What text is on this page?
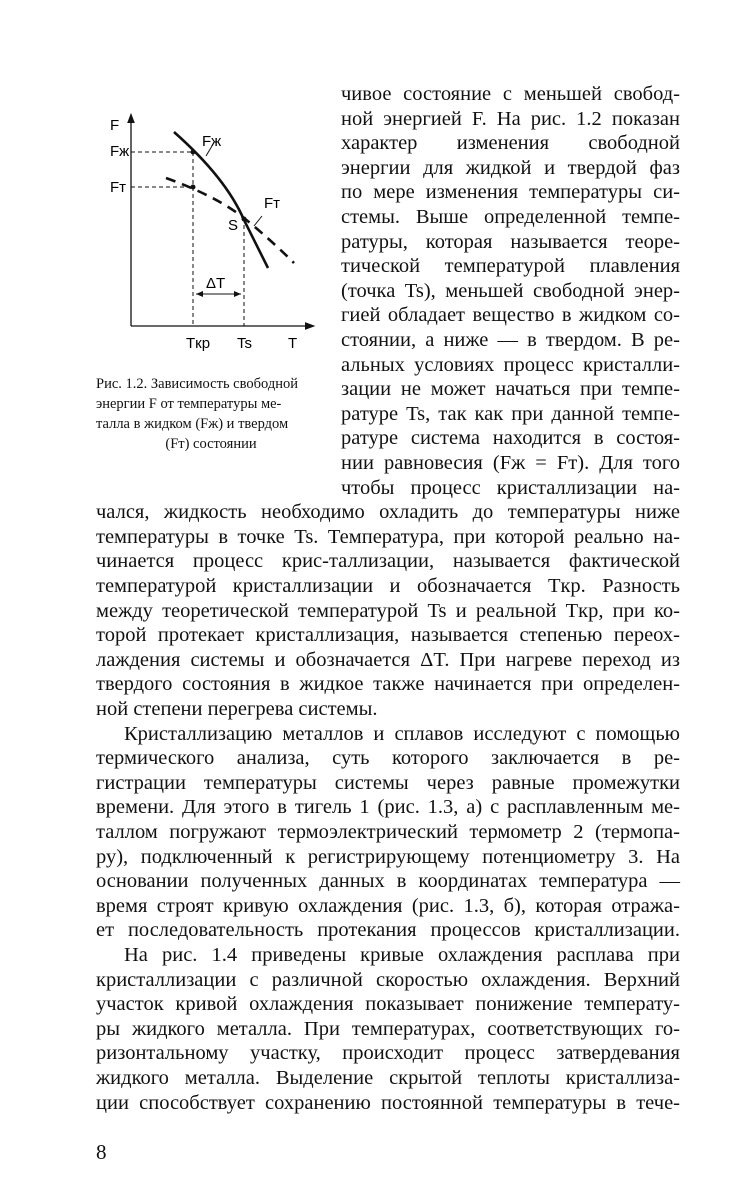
F
Fж
Fт
Fж
Fт
S
ΔT
Tкр Ts T
Рис. 1.2. Зависимость свободной
энергии F от температуры ме-
талла в жидком (Fж) и твердом
(Fт) состоянии
чивое состояние с меньшей свобод-
ной энергией F. На рис. 1.2 показан
характер изменения свободной
энергии для жидкой и твердой фаз
по мере изменения температуры си-
стемы. Выше определенной темпе-
ратуры, которая называется теоре-
тической температурой плавления
(точка Ts), меньшей свободной энер-
гией обладает вещество в жидком со-
стоянии, а ниже — в твердом. В ре-
альных условиях процесс кристалли-
зации не может начаться при темпе-
ратуре Ts, так как при данной темпе-
ратуре система находится в состоя-
нии равновесия (Fж = Fт). Для того
чтобы процесс кристаллизации на-
чался, жидкость необходимо охладить до температуры ниже
температуры в точке Ts. Температура, при которой реально на-
чинается процесс крис-таллизации, называется фактической
температурой кристаллизации и обозначается Tкр. Разность
между теоретической температурой Ts и реальной Tкр, при ко-
торой протекает кристаллизация, называется степенью переох-
лаждения системы и обозначается ΔT. При нагреве переход из
твердого состояния в жидкое также начинается при определен-
ной степени перегрева системы.
Кристаллизацию металлов и сплавов исследуют с помощью
термического анализа, суть которого заключается в ре-
гистрации температуры системы через равные промежутки
времени. Для этого в тигель 1 (рис. 1.3, а) с расплавленным ме-
таллом погружают термоэлектрический термометр 2 (термопа-
ру), подключенный к регистрирующему потенциометру 3. На
основании полученных данных в координатах температура —
время строят кривую охлаждения (рис. 1.3, б), которая отража-
ет последовательность протекания процессов кристаллизации.
На рис. 1.4 приведены кривые охлаждения расплава при
кристаллизации с различной скоростью охлаждения. Верхний
участок кривой охлаждения показывает понижение температу-
ры жидкого металла. При температурах, соответствующих го-
ризонтальному участку, происходит процесс затвердевания
жидкого металла. Выделение скрытой теплоты кристаллиза-
ции способствует сохранению постоянной температуры в тече-
8
